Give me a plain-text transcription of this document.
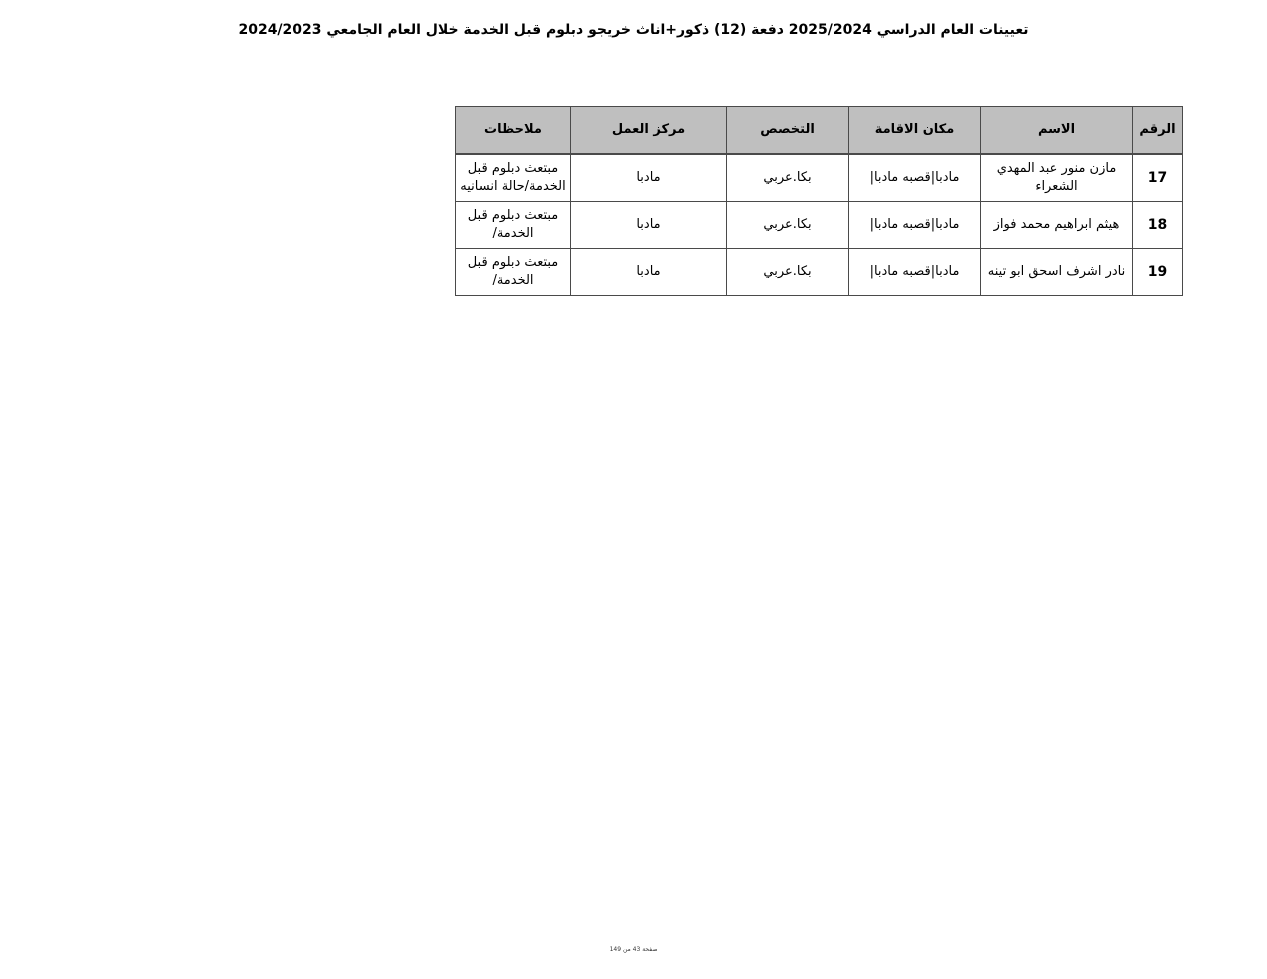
تعيينات العام الدراسي 2025/2024 دفعة (12) ذكور+اناث خريجو دبلوم قبل الخدمة خلال العام الجامعي 2024/2023
الرقم	الاسم	مكان الاقامة	التخصص	مركز العمل	ملاحظات
17	مازن منور عبد المهدي الشعراء	مادبا|قصبه مادبا|	بكا.عربي	مادبا	مبتعث دبلوم قبل الخدمة/حالة انسانيه
18	هيثم ابراهيم محمد فواز	مادبا|قصبه مادبا|	بكا.عربي	مادبا	مبتعث دبلوم قبل الخدمة/
19	نادر اشرف اسحق ابو تينه	مادبا|قصبه مادبا|	بكا.عربي	مادبا	مبتعث دبلوم قبل الخدمة/
صفحة 43 من 149
